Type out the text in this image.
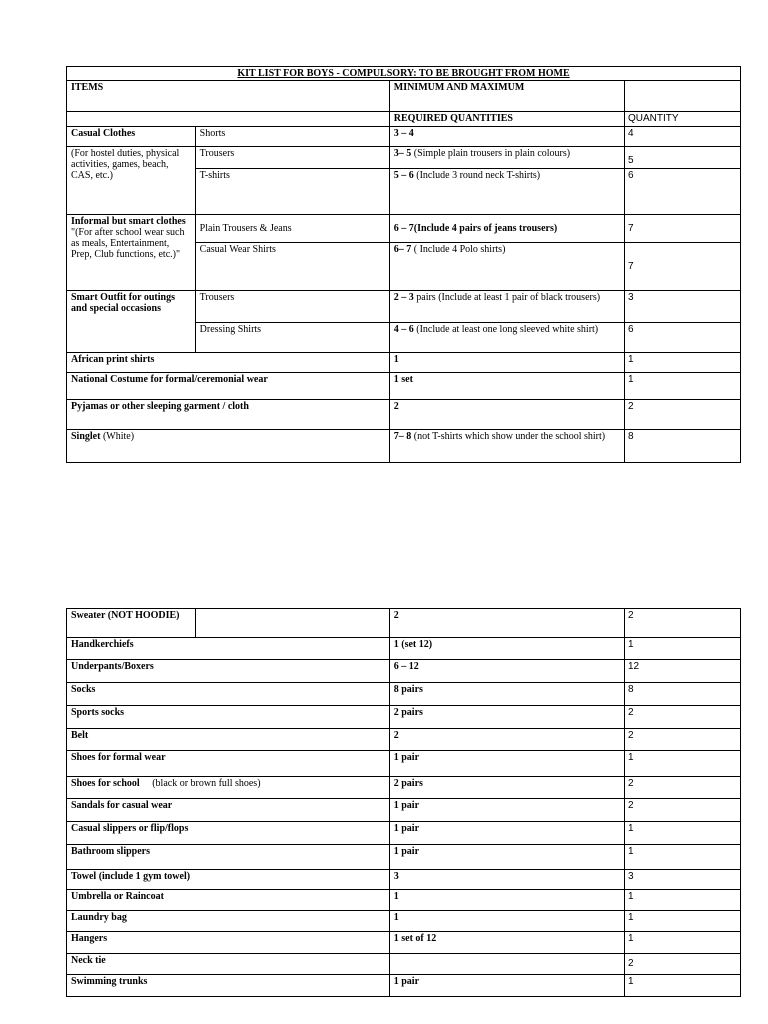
KIT LIST FOR BOYS - COMPULSORY: TO BE BROUGHT FROM HOME			
ITEMS		MINIMUM AND MAXIMUM	
		REQUIRED QUANTITIES	QUANTITY
Casual Clothes	Shorts	3 – 4	4
(For hostel duties, physical activities, games, beach, CAS, etc.)	Trousers	3– 5 (Simple plain trousers in plain colours)	5
	T-shirts	5 – 6 (Include 3 round neck T-shirts)	6
Informal but smart clothes "(For after school wear such as meals, Entertainment, Prep, Club functions, etc.)"	Plain Trousers & Jeans	6 – 7(Include 4 pairs of jeans trousers)	7
	Casual Wear Shirts	6– 7 ( Include 4 Polo shirts)	7
Smart Outfit for outings and special occasions	Trousers	2 – 3 pairs (Include at least 1 pair of black trousers)	3
	Dressing Shirts	4 – 6 (Include at least one long sleeved white shirt)	6
African print shirts		1	1
National Costume for formal/ceremonial wear		1 set	1
Pyjamas or other sleeping garment / cloth		2	2
Singlet (White)		7– 8 (not T-shirts which show under the school shirt)	8
Sweater (NOT HOODIE)		2	2
Handkerchiefs		1 (set 12)	1
Underpants/Boxers		6 – 12	12
Socks		8 pairs	8
Sports socks		2 pairs	2
Belt		2	2
Shoes for formal wear		1 pair	1
Shoes for school     (black or brown full shoes)		2 pairs	2
Sandals for casual wear		1 pair	2
Casual slippers or flip/flops		1 pair	1
Bathroom slippers		1 pair	1
Towel (include 1 gym towel)		3	3
Umbrella or Raincoat		1	1
Laundry bag		1	1
Hangers		1 set of 12	1
Neck tie			2
Swimming trunks		1 pair	1
